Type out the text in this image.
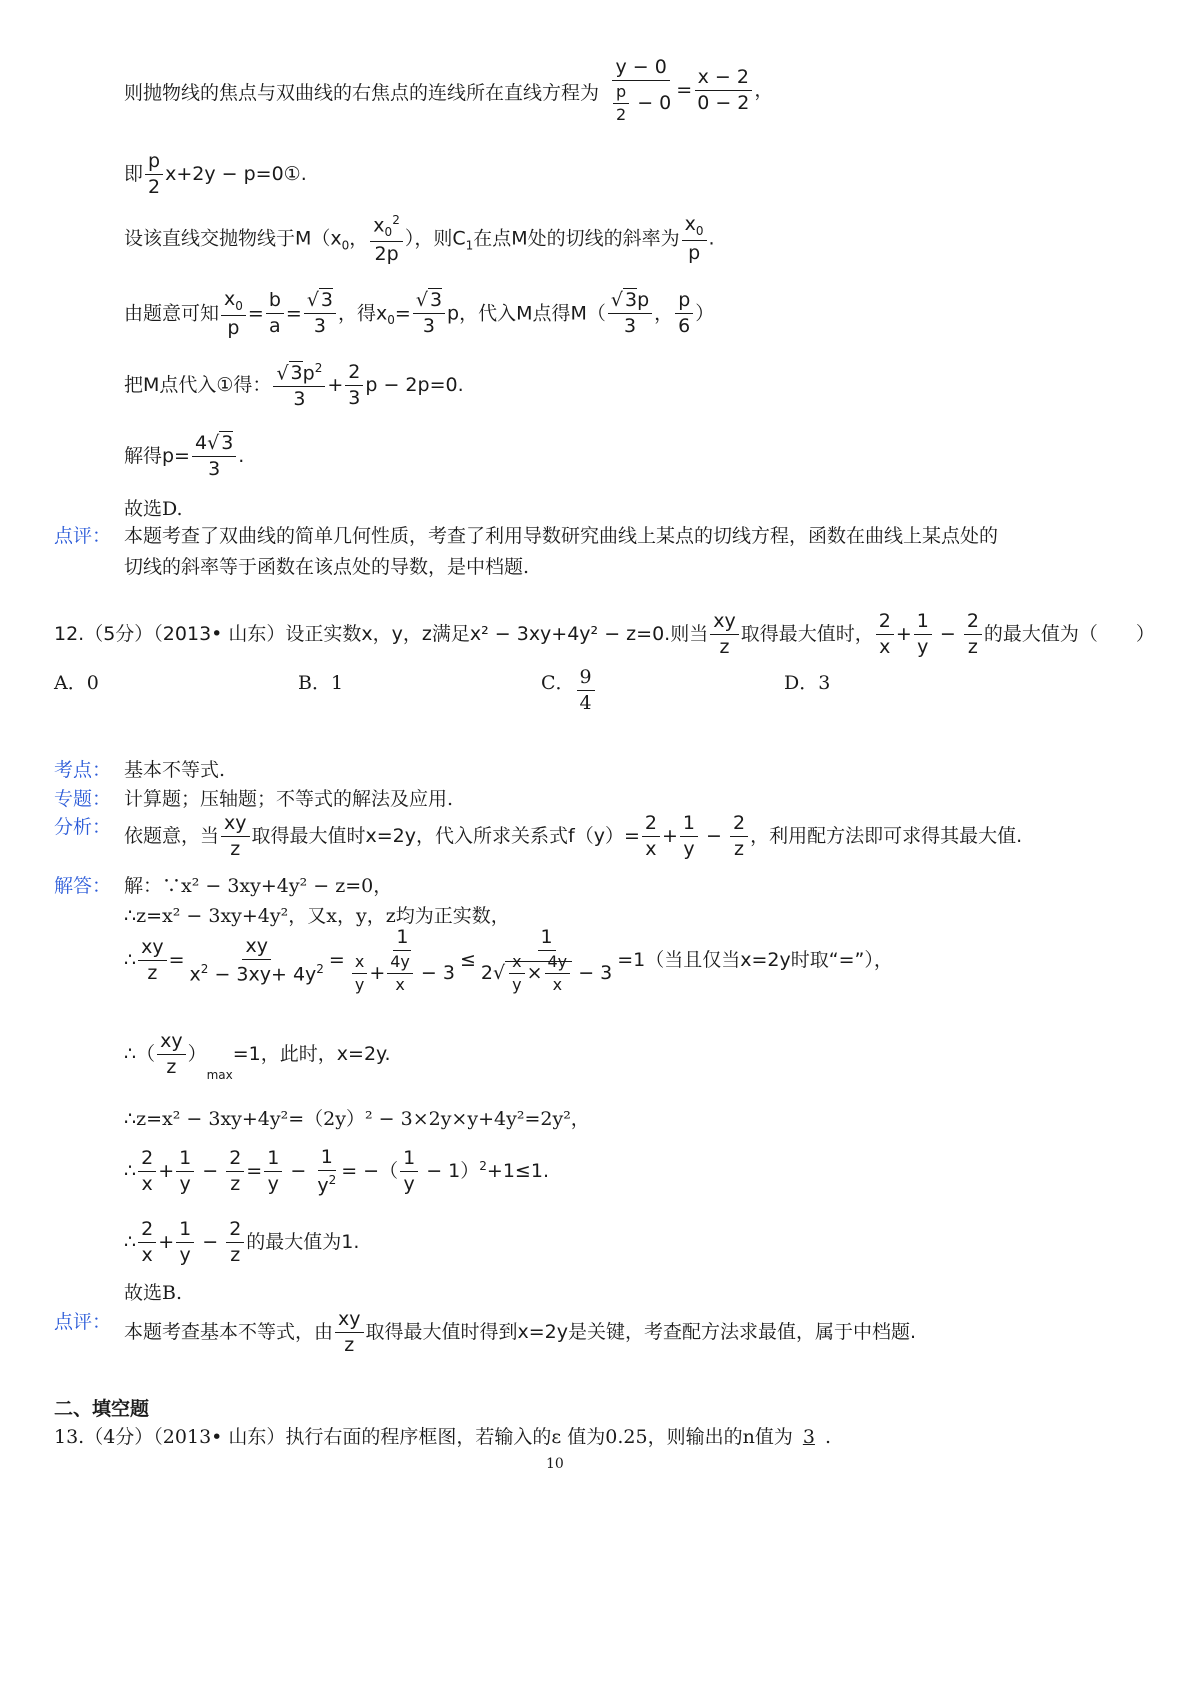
则抛物线的焦点与双曲线的右焦点的连线所在直线方程为 $\frac{y - 0}{\frac{p}{2} - 0} = \frac{x - 2}{0 - 2}$ ，
即 $\frac{p}{2} x+2y$ − p=0①.
设该直线交抛物线于$M(x_0$， $\frac{x_0^2}{2p}$ ），则$C_1$在点M处的切线的斜率为 $\frac{x_0}{p}$ .
由题意可知 $\frac{x_0}{p} = \frac{b}{a} = \frac{√ 3}{3}$ ，得$x_0= \frac{√ 3}{3}$ p，代入M点得$M( \frac{√ 3p}{3}$ ， $\frac{p}{6}$ ）
把M点代入①得： $\frac{√ 3p^2}{3} + \frac{2}{3}$ p − 2p=0.
解得$p= \frac{4√ 3}{3}$ .
故选D.
点评： 本题考查了双曲线的简单几何性质，考查了利用导数研究曲线上某点的切线方程，函数在曲线上某点处的
切线的斜率等于函数在该点处的导数，是中档题.
12.（5分）（2013• 山东）设正实数x，y，z满足x² − 3xy+4y² − z=0.则当 $\frac{xy}{z}$ 取得最大值时， $\frac{2}{x} + \frac{1}{y} - \frac{2}{z}$ 的最大值为（　　）
A．0	B．1	C． $\frac{9}{4}$	D．3
考点： 基本不等式.
专题： 计算题；压轴题；不等式的解法及应用.
分析： 依题意，当 $\frac{xy}{z}$ 取得最大值时x=2y，代入所求关系式$f(y)= \frac{2}{x} + \frac{1}{y} - \frac{2}{z}$ ，利用配方法即可求得其最大值.
解答： 解：∵x² − 3xy+4y² − z=0，
∴z=x² − 3xy+4y²，又x，y，z均为正实数，
∴ $\frac{xy}{z} = \frac{xy}{x^2 - 3xy+ 4y^2} = \frac{1}{\frac{x}{y} + \frac{4y}{x} - 3} \le \frac{1}{2√ \frac{x}{y} \times \frac{4y}{x} - 3} =1$（当且仅当x=2y时取“=”），
∴（ $\frac{xy}{z} )_{max}=1$，此时，x=2y.
∴z=x² − 3xy+4y²=（2y）² − 3×2y×y+4y²=2y²，
∴ $\frac{2}{x} + \frac{1}{y} - \frac{2}{z} = \frac{1}{y} - \frac{1}{y^2}$ = −（ $\frac{1}{y} - 1)^2+1\le 1$.
∴ $\frac{2}{x} + \frac{1}{y} - \frac{2}{z}$ 的最大值为1.
故选B.
点评： 本题考查基本不等式，由 $\frac{xy}{z}$ 取得最大值时得到x=2y是关键，考查配方法求最值，属于中档题.
二、填空题
13.（4分）（2013• 山东）执行右面的程序框图，若输入的ε 值为0.25，则输出的n值为 3 .
10
